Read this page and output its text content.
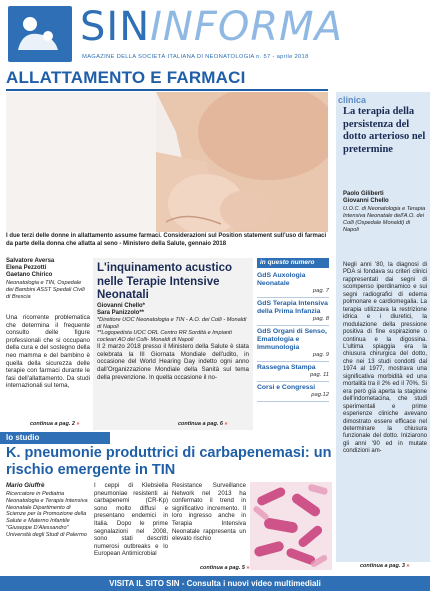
SININFORMA
MAGAZINE DELLA SOCIETÀ ITALIANA DI NEONATOLOGIA n. 57 - aprile 2018
ALLATTAMENTO E FARMACI
I due terzi delle donne in allattamento assume farmaci. Considerazioni sul Position statement sull'uso di farmaci da parte della donna che allatta al seno - Ministero della Salute, gennaio 2018
Salvatore Aversa
Elena Pezzotti
Gaetano Chirico
Neonatologia e TIN, Ospedale dei Bambini ASST Spedali Civili di Brescia
Una ricorrente problematica che determina il frequente consulto delle figure professionali che si occupano della cura e del sostegno della neo mamma e del bambino è quella della sicurezza delle terapie con farmaci durante le fasi dell'allattamento. Da studi internazionali sul tema,
continua a pag. 2 »
L'inquinamento acustico nelle Terapie Intensive Neonatali
Giovanni Chello*
Sara Panizzolo**
*Direttore UOC Neonatologia e TIN - A.O. dei Colli - Monaldi di Napoli
**Logopedista UOC ORL Centro RR Sordità e Impianti cocleari AO dei Colli- Monaldi di Napoli
Il 2 marzo 2018 presso il Ministero della Salute è stata celebrata la III Giornata Mondiale dell'udito, in occasione del World Hearing Day indetto ogni anno dall'Organizzazione Mondiale della Sanità sul tema della prevenzione. In quella occasione il no-
continua a pag. 6 »
in questo numero
GdS Auxologia Neonatale
pag. 7
GdS Terapia Intensiva della Prima Infanzia
pag. 8
GdS Organi di Senso, Ematologia e Immunologia
pag. 9
Rassegna Stampa
pag. 11
Corsi e Congressi
pag.12
clinica
La terapia della persistenza del dotto arterioso nel pretermine
Paolo Giliberti
Giovanni Chello
U.O.C. di Neonatologia e Terapia Intensiva Neonatale dell'A.O. dei Colli (Ospedale Monaldi) di Napoli
Negli anni '80, la diagnosi di PDA si fondava su criteri clinici rappresentati dai segni di scompenso iperdinamico e sui segni radiografici di edema polmonare e cardiomegalia. La terapia utilizzava la restrizione idrica e i diuretici, la modulazione della pressione positiva di fine espirazione o continua e la digossina. L'ultima spiaggia era la chiusura chirurgica del dotto, che nei 13 studi condotti dal 1974 al 1977, mostrava una significativa morbidità ed una mortalità tra il 2% ed il 70%. Si era però già aperta la stagione dell'indometacina, che studi sperimentali e prime esperienze cliniche avevano dimostrato essere efficace nel determinare la chiusura funzionale del dotto. Iniziarono gli anni '90 ed in mutate condizioni am-
continua a pag. 3 »
lo studio
K. pneumonie produttrici di carbapenemasi: un rischio emergente in TIN
Mario Giuffrè
Ricercatore in Pediatria Neonatologia e Terapia Intensiva Neonatale Dipartimento di Scienze per la Promozione della Salute e Materno Infantile "Giuseppe D'Alessandro" Università degli Studi di Palermo
I ceppi di Klebsiella pneumoniae resistenti ai carbapenemi (CR-Kp) sono molto diffusi e presentano endemici in Italia. Dopo le prime segnalazioni nel 2008, sono stati descritti numerosi outbreaks e lo European Antimicrobial
Resistance Surveillance Network nel 2013 ha confermato il trend in significativo incremento. Il loro ingresso anche in Terapia Intensiva Neonatale rappresenta un elevato rischio
continua a pag. 5 »
VISITA IL SITO SIN - Consulta i nuovi video multimediali
